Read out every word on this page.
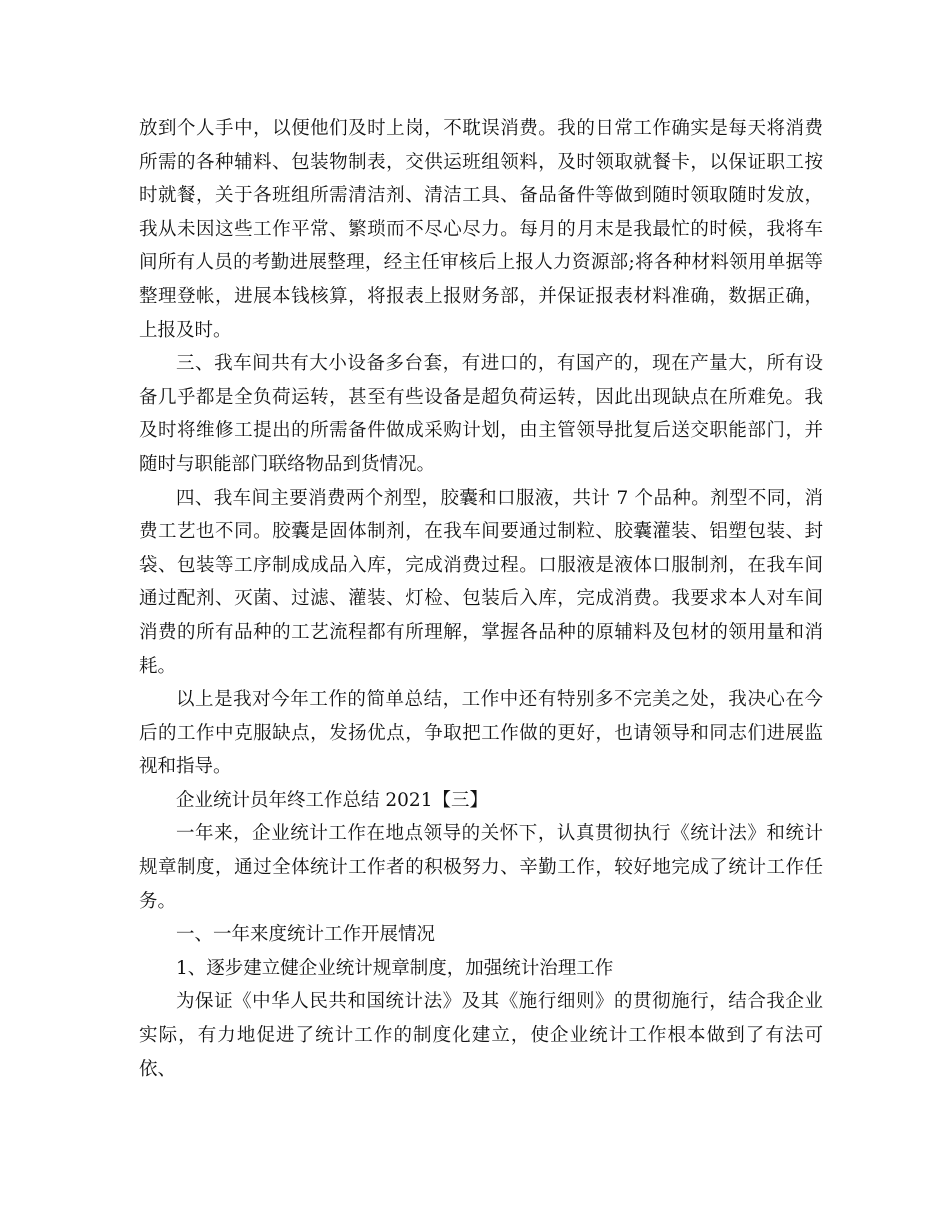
放到个人手中，以便他们及时上岗，不耽误消费。我的日常工作确实是每天将消费所需的各种辅料、包装物制表，交供运班组领料，及时领取就餐卡，以保证职工按时就餐，关于各班组所需清洁剂、清洁工具、备品备件等做到随时领取随时发放，我从未因这些工作平常、繁琐而不尽心尽力。每月的月末是我最忙的时候，我将车间所有人员的考勤进展整理，经主任审核后上报人力资源部;将各种材料领用单据等整理登帐，进展本钱核算，将报表上报财务部，并保证报表材料准确，数据正确，上报及时。

三、我车间共有大小设备多台套，有进口的，有国产的，现在产量大，所有设备几乎都是全负荷运转，甚至有些设备是超负荷运转，因此出现缺点在所难免。我及时将维修工提出的所需备件做成采购计划，由主管领导批复后送交职能部门，并随时与职能部门联络物品到货情况。

四、我车间主要消费两个剂型，胶囊和口服液，共计 7 个品种。剂型不同，消费工艺也不同。胶囊是固体制剂，在我车间要通过制粒、胶囊灌装、铝塑包装、封袋、包装等工序制成成品入库，完成消费过程。口服液是液体口服制剂，在我车间通过配剂、灭菌、过滤、灌装、灯检、包装后入库，完成消费。我要求本人对车间消费的所有品种的工艺流程都有所理解，掌握各品种的原辅料及包材的领用量和消耗。

以上是我对今年工作的简单总结，工作中还有特别多不完美之处，我决心在今后的工作中克服缺点，发扬优点，争取把工作做的更好，也请领导和同志们进展监视和指导。

企业统计员年终工作总结 2021【三】

一年来，企业统计工作在地点领导的关怀下，认真贯彻执行《统计法》和统计规章制度，通过全体统计工作者的积极努力、辛勤工作，较好地完成了统计工作任务。

一、一年来度统计工作开展情况

1、逐步建立健企业统计规章制度，加强统计治理工作

为保证《中华人民共和国统计法》及其《施行细则》的贯彻施行，结合我企业实际，有力地促进了统计工作的制度化建立，使企业统计工作根本做到了有法可依、
